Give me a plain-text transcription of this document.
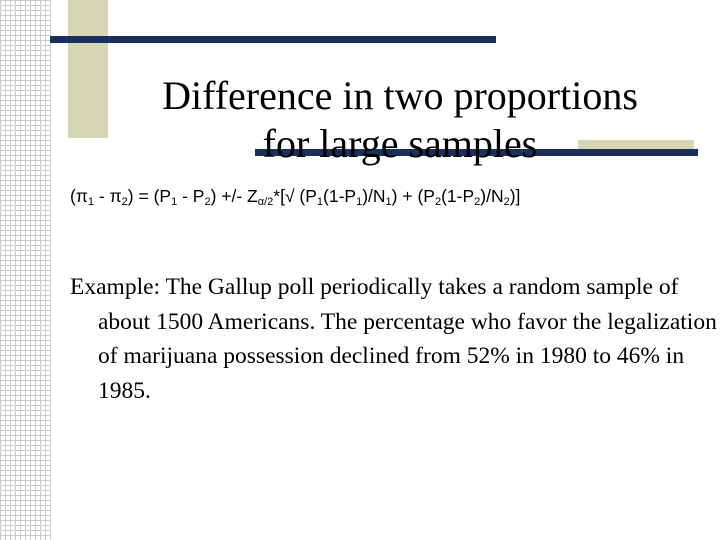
Difference in two proportions
for large samples
$(\pi_1 - \pi_2) = (P_1 - P_2)$ +/- $Z_{\alpha/2}*[√$ $(P_1(1-P_1)/N_1) + (P_2(1-P_2)/N_2)$]
Example: The Gallup poll periodically takes a random sample of about 1500 Americans. The percentage who favor the legalization of marijuana possession declined from 52% in 1980 to 46% in 1985.
